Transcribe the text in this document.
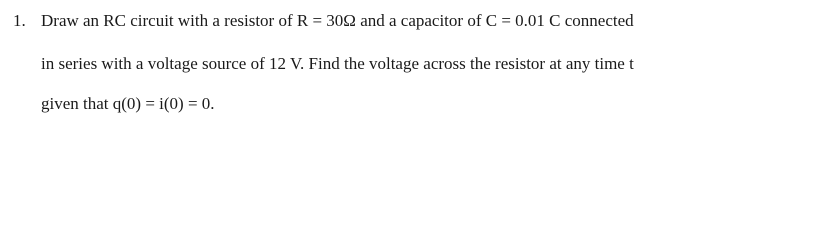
1. Draw an RC circuit with a resistor of R = 30Ω and a capacitor of C = 0.01 C connected
in series with a voltage source of 12 V. Find the voltage across the resistor at any time t
given that q(0) = i(0) = 0.
